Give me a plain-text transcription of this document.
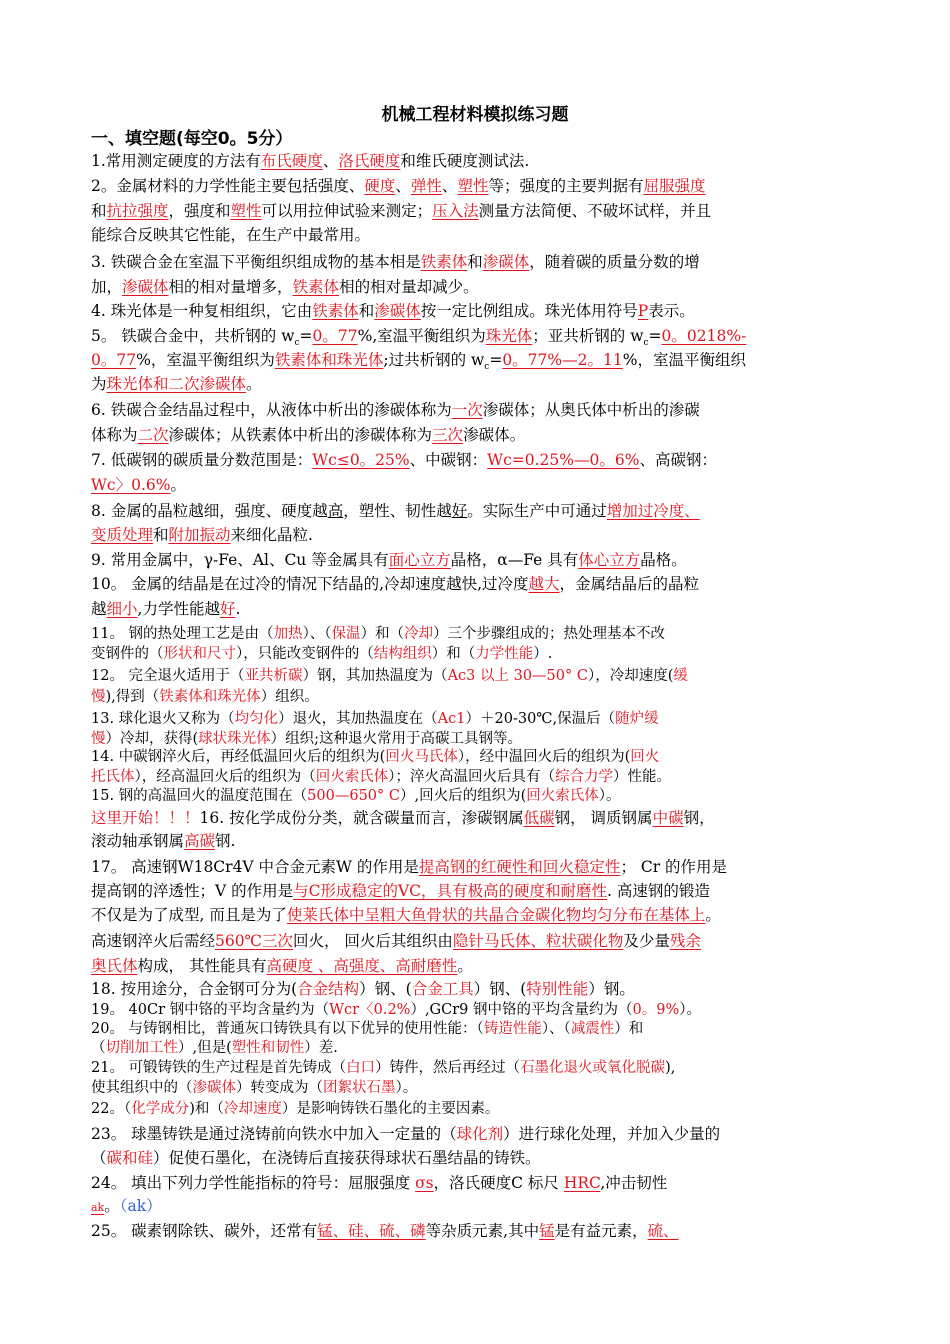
机械工程材料模拟练习题
一、填空题(每空0。5分）
1.常用测定硬度的方法有布氏硬度、洛氏硬度和维氏硬度测试法.
2。金属材料的力学性能主要包括强度、硬度、弹性、塑性等；强度的主要判据有屈服强度
和抗拉强度，强度和塑性可以用拉伸试验来测定；压入法测量方法简便、不破坏试样，并且
能综合反映其它性能，在生产中最常用。
3. 铁碳合金在室温下平衡组织组成物的基本相是铁素体和渗碳体，随着碳的质量分数的增
加，渗碳体相的相对量增多，铁素体相的相对量却减少。
4. 珠光体是一种复相组织，它由铁素体和渗碳体按一定比例组成。珠光体用符号P表示。
5。 铁碳合金中，共析钢的 $w_c=0$。77%,室温平衡组织为珠光体；亚共析钢的 $w_c=0$。0218%-
0。77%，室温平衡组织为铁素体和珠光体;过共析钢的 $w_c=0$。77%—2。11%，室温平衡组织
为珠光体和二次渗碳体。
6. 铁碳合金结晶过程中，从液体中析出的渗碳体称为一次渗碳体；从奥氏体中析出的渗碳
体称为二次渗碳体；从铁素体中析出的渗碳体称为三次渗碳体。
7. 低碳钢的碳质量分数范围是：Wc≤0。25%、中碳钢：Wc=0.25%—0。6%、高碳钢：
Wc〉0.6%。
8. 金属的晶粒越细，强度、硬度越高，塑性、韧性越好。实际生产中可通过增加过冷度、
变质处理和附加振动来细化晶粒.
9. 常用金属中，γ-Fe、Al、Cu 等金属具有面心立方晶格，α—Fe 具有体心立方晶格。
10。 金属的结晶是在过冷的情况下结晶的,冷却速度越快,过冷度越大，金属结晶后的晶粒
越细小,力学性能越好.
11。 钢的热处理工艺是由（加热）、（保温）和（冷却）三个步骤组成的；热处理基本不改
变钢件的（形状和尺寸），只能改变钢件的（结构组织）和（力学性能）.
12。 完全退火适用于（亚共析碳）钢，其加热温度为（Ac3 以上 30—50° C），冷却速度(缓
慢),得到（铁素体和珠光体）组织。
13. 球化退火又称为（均匀化）退火，其加热温度在（Ac1）＋20-30℃,保温后（随炉缓
慢）冷却，获得(球状珠光体）组织;这种退火常用于高碳工具钢等。
14. 中碳钢淬火后，再经低温回火后的组织为(回火马氏体），经中温回火后的组织为(回火
托氏体），经高温回火后的组织为（回火索氏体）；淬火高温回火后具有（综合力学）性能。
15. 钢的高温回火的温度范围在（500—650° C）,回火后的组织为(回火索氏体）。
这里开始！！！16. 按化学成份分类，就含碳量而言，渗碳钢属低碳钢， 调质钢属中碳钢，
滚动轴承钢属高碳钢.
17。 高速钢W18Cr4V 中合金元素W 的作用是提高钢的红硬性和回火稳定性； Cr 的作用是
提高钢的淬透性；V 的作用是与C形成稳定的VC，具有极高的硬度和耐磨性. 高速钢的锻造
不仅是为了成型, 而且是为了使莱氏体中呈粗大鱼骨状的共晶合金碳化物均匀分布在基体上。
高速钢淬火后需经560℃三次回火， 回火后其组织由隐针马氏体、粒状碳化物及少量残余
奥氏体构成， 其性能具有高硬度 、高强度、高耐磨性。
18. 按用途分，合金钢可分为(合金结构）钢、(合金工具）钢、(特别性能）钢。
19。 40Cr 钢中铬的平均含量约为（Wcr〈0.2%）,GCr9 钢中铬的平均含量约为（0。9%）。
20。 与铸钢相比，普通灰口铸铁具有以下优异的使用性能：（铸造性能）、（减震性）和
（切削加工性）,但是(塑性和韧性）差.
21。 可锻铸铁的生产过程是首先铸成（白口）铸件，然后再经过（石墨化退火或氧化脱碳),
使其组织中的（渗碳体）转变成为（团絮状石墨）。
22。（化学成分)和（冷却速度）是影响铸铁石墨化的主要因素。
23。 球墨铸铁是通过浇铸前向铁水中加入一定量的（球化剂）进行球化处理，并加入少量的
（碳和硅）促使石墨化，在浇铸后直接获得球状石墨结晶的铸铁。
24。 填出下列力学性能指标的符号：屈服强度 σs，洛氏硬度C 标尺 HRC,冲击韧性
ak。（ak）
25。 碳素钢除铁、碳外，还常有锰、硅、硫、磷等杂质元素,其中锰是有益元素，硫、
